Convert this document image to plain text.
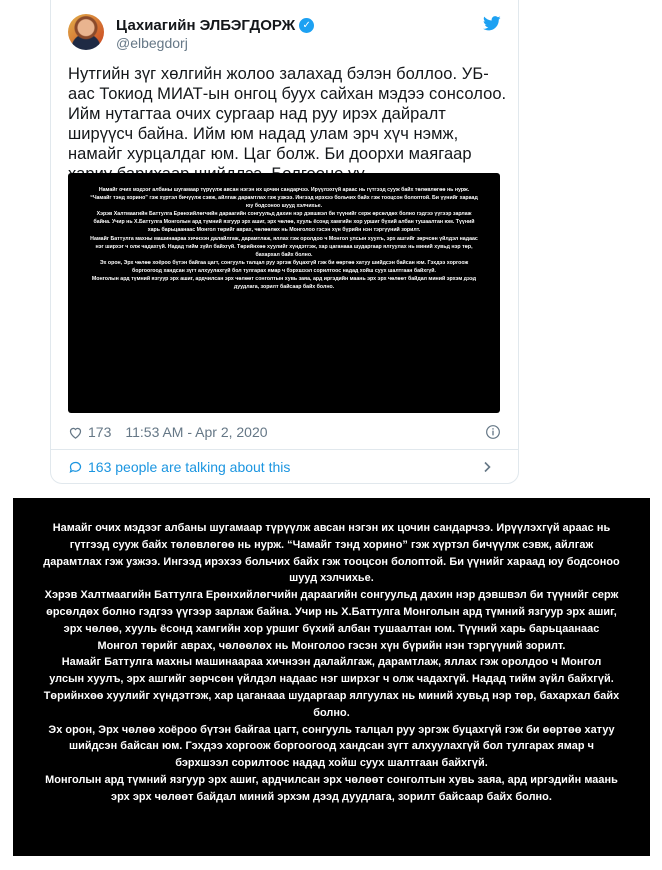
Цахиагийн ЭЛБЭГДОРЖ ✓
@elbegdorj
Нутгийн зүг хөлгийн жолоо залахад бэлэн боллоо. УБ-аас Токиод МИАТ-ын онгоц буух сайхан мэдээ сонсолоо. Ийм нутагтаа очих сургаар над руу ирэх дайралт ширүүсч байна. Ийм юм надад улам эрч хүч нэмж, намайг хурцалдаг юм. Цаг болж. Би доорхи маягаар

Намайг очих мэдээг албаны шугамаар түрүүлж авсан нэгэн их цочин сандарчээ. Ирүүлэхгүй араас нь гүтгээд сууж байх төлөвлөгөө нь нурж. “Чамайг тэнд хорино” гэж хүртэл бичүүлж сэвж, айлгаж дарамтлах гэж узжээ. Ингээд ирэхээ больчих байх гэж тооцсон болоптой. Би үүнийг хараад юу бодсоноо шууд хэлчихье.

Хэрэв Халтмаагийн Баттулга Ерөнхийлөгчийн дараагийн сонгуульд дахин нэр дэвшвэл би түүнийг серж өрсөлдөх болно гэдгээ үүгээр зарлаж байна. Учир нь Х.Баттулга Монголын ард түмний язгуур эрх ашиг, эрх чөлөө, хууль ёсонд хамгийн хор уршиг бүхий албан тушаалтан юм. Түүний харь барьцаанаас Монгол төрийг аврах, чөлөөлөх нь Монголоо гэсэн хүн бүрийн нэн тэргүүний зорилт.

Намайг Баттулга махны машинаараа хичнээн далайлгаж, дарамтлаж, яллах гэж оролдоо ч Монгол улсын хуулъ, эрх ашгийг зөрчсөн үйлдэл надаас нэг ширхэг ч олж чадахгүй. Надад тийм зүйл байхгүй. Төрийнхөө хуулийг хүндэтгэж, хар цаганааа шударгаар ялгуулах нь миний хувьд нэр төр, бахархал байх болно.

Эх орон, Эрх чөлөө хоёроо бүтэн байгаа цагт, сонгууль талцал руу эргэж буцахгүй гэж би өөртөө хатуу шийдсэн байсан юм. Гэхдээ хоргоож боргоогоод хандсан зүгт алхуулахгүй бол тулгарах ямар ч бэрхшээл сорилтоос надад хойш суух шалтгаан байхгүй.

Монголын ард түмний язгуур эрх ашиг, ардчилсан эрх чөлөөт сонголтын хувь заяа, ард иргэдийн маань эрх эрх чөлөөт байдал миний эрхэм дээд дуудлага, зорилт байсаар байх болно.

173 11:53 AM - Apr 2, 2020
163 people are talking about this

Намайг очих мэдээг албаны шугамаар түрүүлж авсан нэгэн их цочин сандарчээ. Ирүүлэхгүй араас нь гүтгээд сууж байх төлөвлөгөө нь нурж. “Чамайг тэнд хорино” гэж хүртэл бичүүлж сэвж, айлгаж дарамтлах гэж узжээ. Ингээд ирэхээ больчих байх гэж тооцсон болоптой. Би үүнийг хараад юу бодсоноо шууд хэлчихье.

Хэрэв Халтмаагийн Баттулга Ерөнхийлөгчийн дараагийн сонгуульд дахин нэр дэвшвэл би түүнийг серж өрсөлдөх болно гэдгээ үүгээр зарлаж байна. Учир нь Х.Баттулга Монголын ард түмний язгуур эрх ашиг, эрх чөлөө, хууль ёсонд хамгийн хор уршиг бүхий албан тушаалтан юм. Түүний харь барьцаанаас Монгол төрийг аврах, чөлөөлөх нь Монголоо гэсэн хүн бүрийн нэн тэргүүний зорилт.

Намайг Баттулга махны машинаараа хичнээн далайлгаж, дарамтлаж, яллах гэж оролдоо ч Монгол улсын хуулъ, эрх ашгийг зөрчсөн үйлдэл надаас нэг ширхэг ч олж чадахгүй. Надад тийм зүйл байхгүй. Төрийнхөө хуулийг хүндэтгэж, хар цаганааа шударгаар ялгуулах нь миний хувьд нэр төр, бахархал байх болно.

Эх орон, Эрх чөлөө хоёроо бүтэн байгаа цагт, сонгууль талцал руу эргэж буцахгүй гэж би өөртөө хатуу шийдсэн байсан юм. Гэхдээ хоргоож боргоогоод хандсан зүгт алхуулахгүй бол тулгарах ямар ч бэрхшээл сорилтоос надад хойш суух шалтгаан байхгүй.

Монголын ард түмний язгуур эрх ашиг, ардчилсан эрх чөлөөт сонголтын хувь заяа, ард иргэдийн маань эрх эрх чөлөөт байдал миний эрхэм дээд дуудлага, зорилт байсаар байх болно.
